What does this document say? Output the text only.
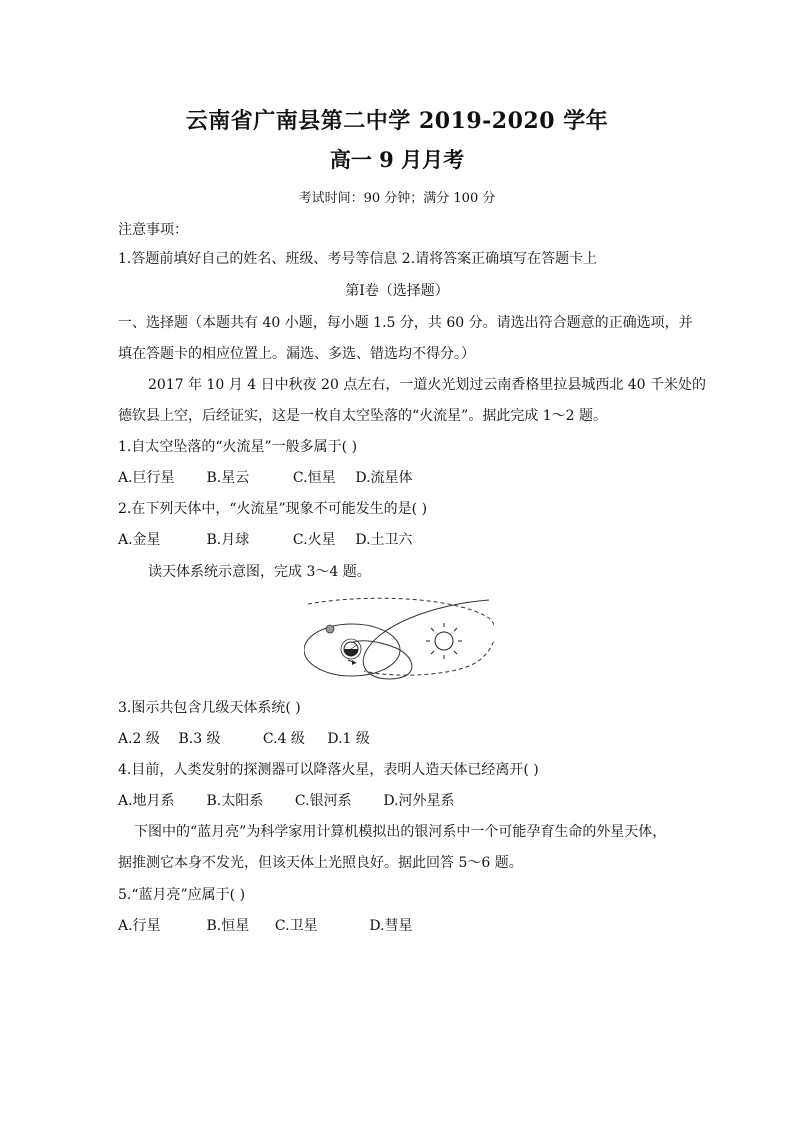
云南省广南县第二中学 2019-2020 学年
高一 9 月月考
考试时间：90 分钟；满分 100 分
注意事项：
1.答题前填好自己的姓名、班级、考号等信息 2.请将答案正确填写在答题卡上
第Ⅰ卷（选择题）
一、选择题（本题共有 40 小题，每小题 1.5 分，共 60 分。请选出符合题意的正确选项，并
填在答题卡的相应位置上。漏选、多选、错选均不得分。）
2017 年 10 月 4 日中秋夜 20 点左右，一道火光划过云南香格里拉县城西北 40 千米处的
德钦县上空，后经证实，这是一枚自太空坠落的“火流星”。据此完成 1～2 题。
1.自太空坠落的“火流星”一般多属于( )
A.巨行星 B.星云	C.恒星 D.流星体
2.在下列天体中，“火流星”现象不可能发生的是( )
A.金星	B.月球	C.火星 D.土卫六
读天体系统示意图，完成 3～4 题。
3.图示共包含几级天体系统( )
A.2 级 B.3 级	C.4 级 D.1 级
4.目前，人类发射的探测器可以降落火星，表明人造天体已经离开( )
A.地月系 B.太阳系 C.银河系 D.河外星系
下图中的“蓝月亮”为科学家用计算机模拟出的银河系中一个可能孕育生命的外星天体，
据推测它本身不发光，但该天体上光照良好。据此回答 5～6 题。
5.“蓝月亮”应属于( )
A.行星	B.恒星 C.卫星	D.彗星
